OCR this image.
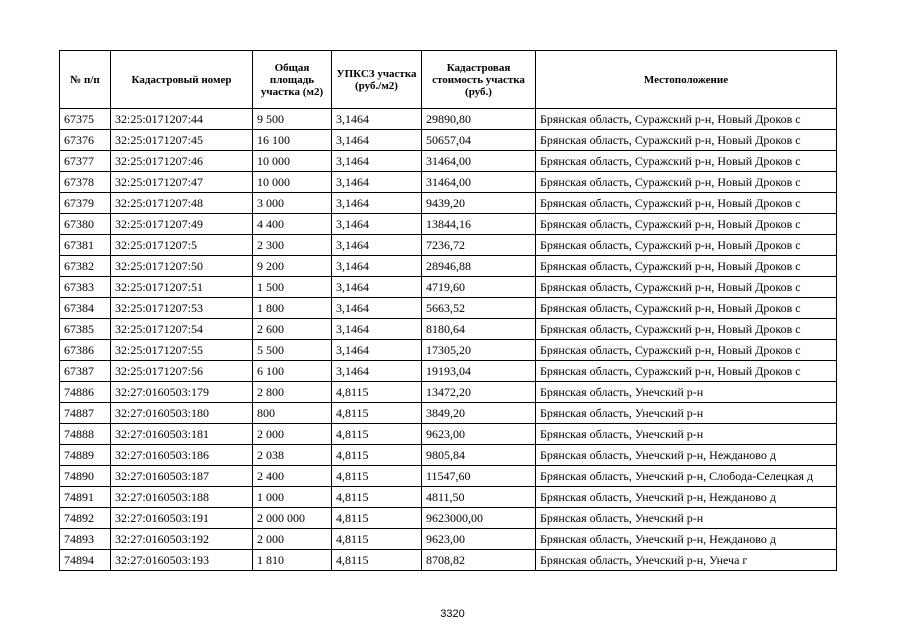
№ п/п	Кадастровый номер	Общая площадь участка (м2)	УПКСЗ участка (руб./м2)	Кадастровая стоимость участка (руб.)	Местоположение
67375	32:25:0171207:44	9 500	3,1464	29890,80	Брянская область, Суражский р-н, Новый Дроков с
67376	32:25:0171207:45	16 100	3,1464	50657,04	Брянская область, Суражский р-н, Новый Дроков с
67377	32:25:0171207:46	10 000	3,1464	31464,00	Брянская область, Суражский р-н, Новый Дроков с
67378	32:25:0171207:47	10 000	3,1464	31464,00	Брянская область, Суражский р-н, Новый Дроков с
67379	32:25:0171207:48	3 000	3,1464	9439,20	Брянская область, Суражский р-н, Новый Дроков с
67380	32:25:0171207:49	4 400	3,1464	13844,16	Брянская область, Суражский р-н, Новый Дроков с
67381	32:25:0171207:5	2 300	3,1464	7236,72	Брянская область, Суражский р-н, Новый Дроков с
67382	32:25:0171207:50	9 200	3,1464	28946,88	Брянская область, Суражский р-н, Новый Дроков с
67383	32:25:0171207:51	1 500	3,1464	4719,60	Брянская область, Суражский р-н, Новый Дроков с
67384	32:25:0171207:53	1 800	3,1464	5663,52	Брянская область, Суражский р-н, Новый Дроков с
67385	32:25:0171207:54	2 600	3,1464	8180,64	Брянская область, Суражский р-н, Новый Дроков с
67386	32:25:0171207:55	5 500	3,1464	17305,20	Брянская область, Суражский р-н, Новый Дроков с
67387	32:25:0171207:56	6 100	3,1464	19193,04	Брянская область, Суражский р-н, Новый Дроков с
74886	32:27:0160503:179	2 800	4,8115	13472,20	Брянская область, Унечский р-н
74887	32:27:0160503:180	800	4,8115	3849,20	Брянская область, Унечский р-н
74888	32:27:0160503:181	2 000	4,8115	9623,00	Брянская область, Унечский р-н
74889	32:27:0160503:186	2 038	4,8115	9805,84	Брянская область, Унечский р-н, Нежданово д
74890	32:27:0160503:187	2 400	4,8115	11547,60	Брянская область, Унечский р-н, Слобода-Селецкая д
74891	32:27:0160503:188	1 000	4,8115	4811,50	Брянская область, Унечский р-н, Нежданово д
74892	32:27:0160503:191	2 000 000	4,8115	9623000,00	Брянская область, Унечский р-н
74893	32:27:0160503:192	2 000	4,8115	9623,00	Брянская область, Унечский р-н, Нежданово д
74894	32:27:0160503:193	1 810	4,8115	8708,82	Брянская область, Унечский р-н, Унеча г
3320
